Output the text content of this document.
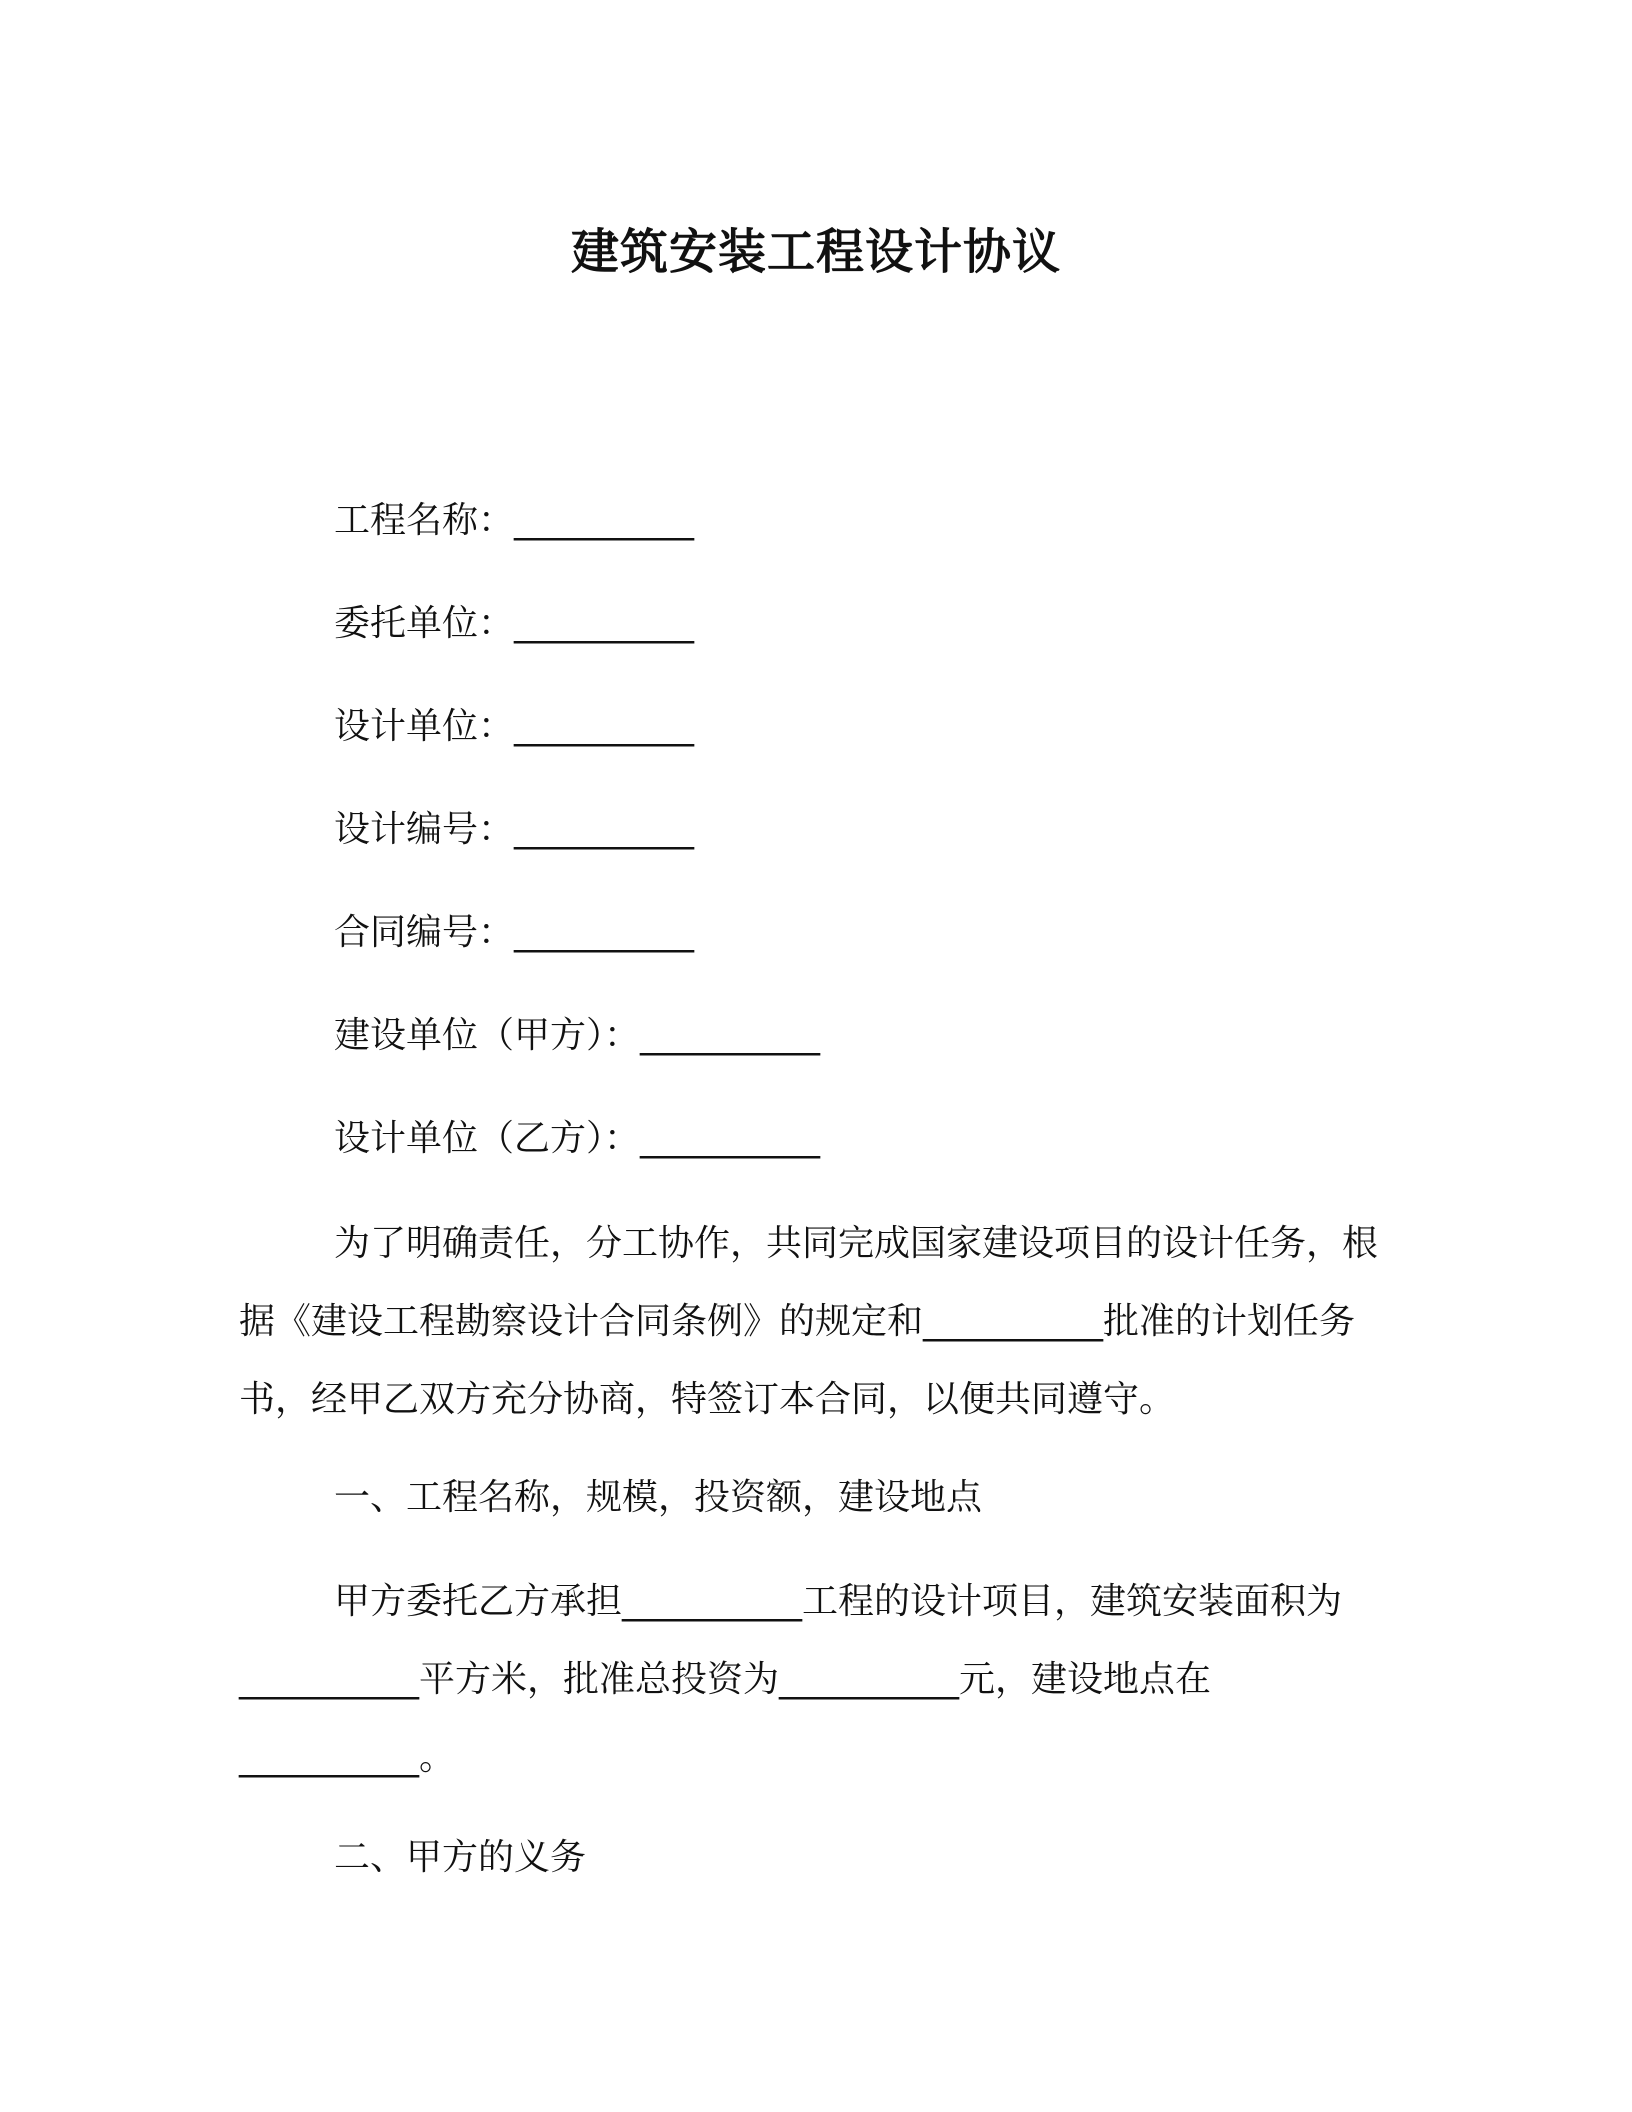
建筑安装工程设计协议
工程名称：__________
委托单位：__________
设计单位：__________
设计编号：__________
合同编号：__________
建设单位（甲方）：__________
设计单位（乙方）：__________

为了明确责任，分工协作，共同完成国家建设项目的设计任务，根据《建设工程勘察设计合同条例》的规定和__________批准的计划任务书，经甲乙双方充分协商，特签订本合同，以便共同遵守。

一、工程名称，规模，投资额，建设地点

甲方委托乙方承担__________工程的设计项目，建筑安装面积为__________平方米，批准总投资为__________元，建设地点在__________。

二、甲方的义务
